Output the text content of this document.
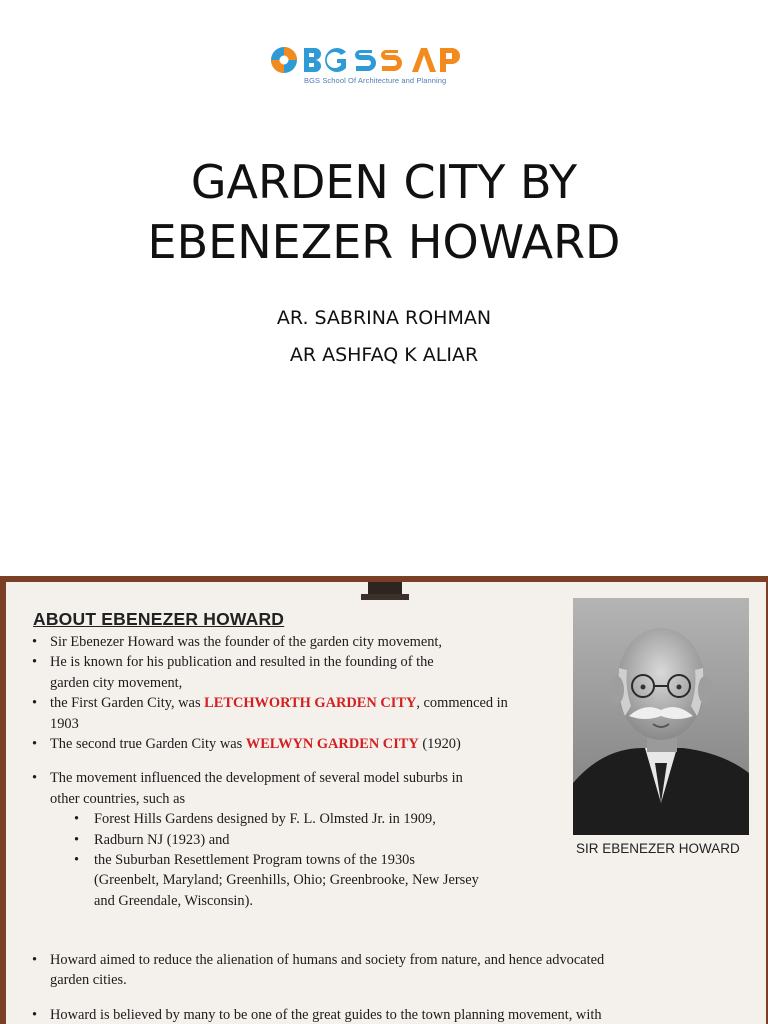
BGS School Of Architecture and Planning
GARDEN CITY BY
EBENEZER HOWARD
AR. SABRINA ROHMAN
AR ASHFAQ K ALIAR
ABOUT EBENEZER HOWARD
• Sir Ebenezer Howard was the founder of the garden city movement,
• He is known for his publication and resulted in the founding of the
garden city movement,
• the First Garden City, was LETCHWORTH GARDEN CITY, commenced in
1903
• The second true Garden City was WELWYN GARDEN CITY (1920)
• The movement influenced the development of several model suburbs in
other countries, such as
• Forest Hills Gardens designed by F. L. Olmsted Jr. in 1909,
• Radburn NJ (1923) and
• the Suburban Resettlement Program towns of the 1930s
(Greenbelt, Maryland; Greenhills, Ohio; Greenbrooke, New Jersey
and Greendale, Wisconsin).
• Howard aimed to reduce the alienation of humans and society from nature, and hence advocated
garden cities.
• Howard is believed by many to be one of the great guides to the town planning movement, with
SIR EBENEZER HOWARD
